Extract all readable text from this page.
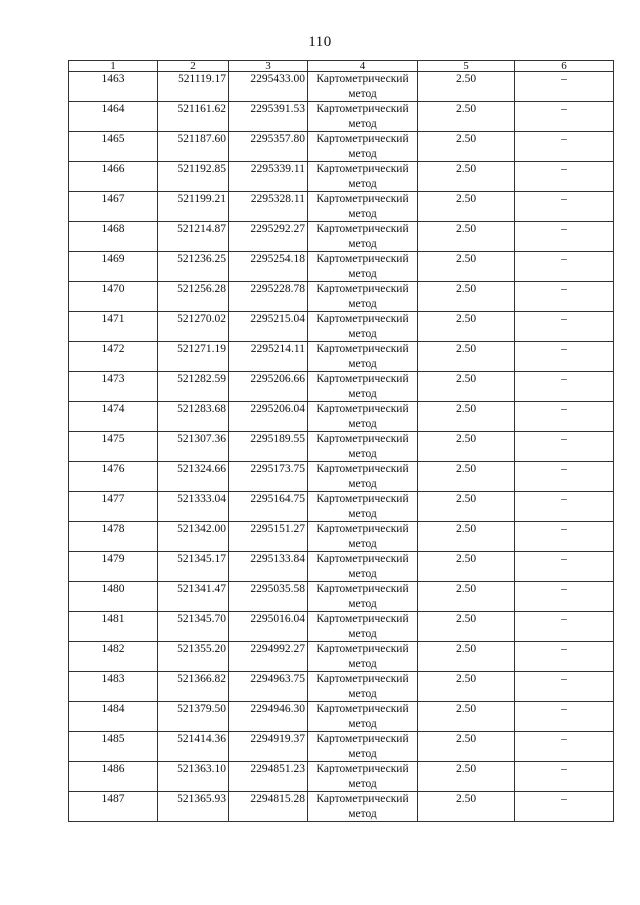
110
1	2	3	4	5	6
1463	521119.17	2295433.00	Картометрический метод	2.50	–
1464	521161.62	2295391.53	Картометрический метод	2.50	–
1465	521187.60	2295357.80	Картометрический метод	2.50	–
1466	521192.85	2295339.11	Картометрический метод	2.50	–
1467	521199.21	2295328.11	Картометрический метод	2.50	–
1468	521214.87	2295292.27	Картометрический метод	2.50	–
1469	521236.25	2295254.18	Картометрический метод	2.50	–
1470	521256.28	2295228.78	Картометрический метод	2.50	–
1471	521270.02	2295215.04	Картометрический метод	2.50	–
1472	521271.19	2295214.11	Картометрический метод	2.50	–
1473	521282.59	2295206.66	Картометрический метод	2.50	–
1474	521283.68	2295206.04	Картометрический метод	2.50	–
1475	521307.36	2295189.55	Картометрический метод	2.50	–
1476	521324.66	2295173.75	Картометрический метод	2.50	–
1477	521333.04	2295164.75	Картометрический метод	2.50	–
1478	521342.00	2295151.27	Картометрический метод	2.50	–
1479	521345.17	2295133.84	Картометрический метод	2.50	–
1480	521341.47	2295035.58	Картометрический метод	2.50	–
1481	521345.70	2295016.04	Картометрический метод	2.50	–
1482	521355.20	2294992.27	Картометрический метод	2.50	–
1483	521366.82	2294963.75	Картометрический метод	2.50	–
1484	521379.50	2294946.30	Картометрический метод	2.50	–
1485	521414.36	2294919.37	Картометрический метод	2.50	–
1486	521363.10	2294851.23	Картометрический метод	2.50	–
1487	521365.93	2294815.28	Картометрический метод	2.50	–
